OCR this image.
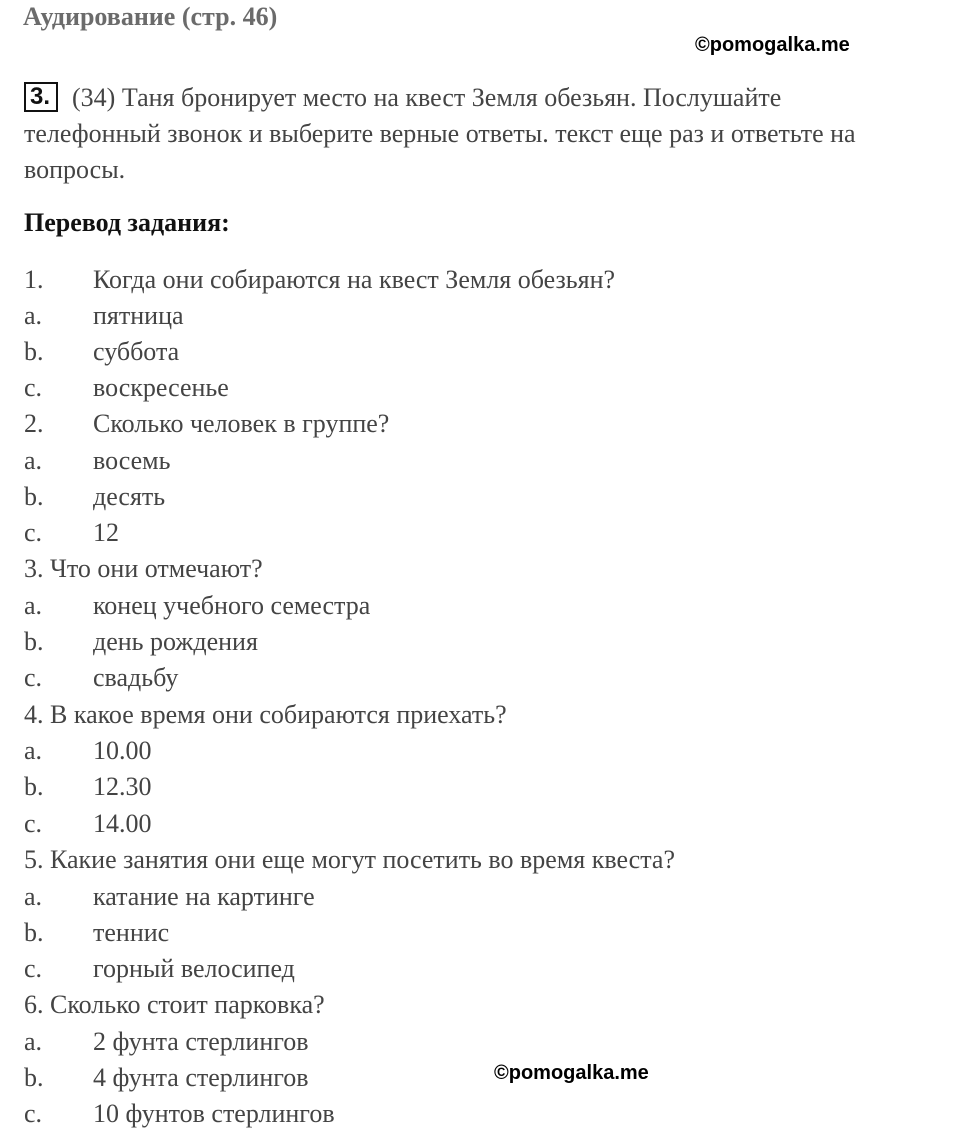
Аудирование (стр. 46)
©pomogalka.me
3. (34) Таня бронирует место на квест Земля обезьян. Послушайте
телефонный звонок и выберите верные ответы. текст еще раз и ответьте на
вопросы.
Перевод задания:
1. Когда они собираются на квест Земля обезьян?
a. пятница
b. суббота
c. воскресенье
2. Сколько человек в группе?
a. восемь
b. десять
c. 12
3. Что они отмечают?
a. конец учебного семестра
b. день рождения
c. свадьбу
4. В какое время они собираются приехать?
a. 10.00
b. 12.30
c. 14.00
5. Какие занятия они еще могут посетить во время квеста?
a. катание на картинге
b. теннис
c. горный велосипед
6. Сколько стоит парковка?
a. 2 фунта стерлингов
b. 4 фунта стерлингов
c. 10 фунтов стерлингов
©pomogalka.me
